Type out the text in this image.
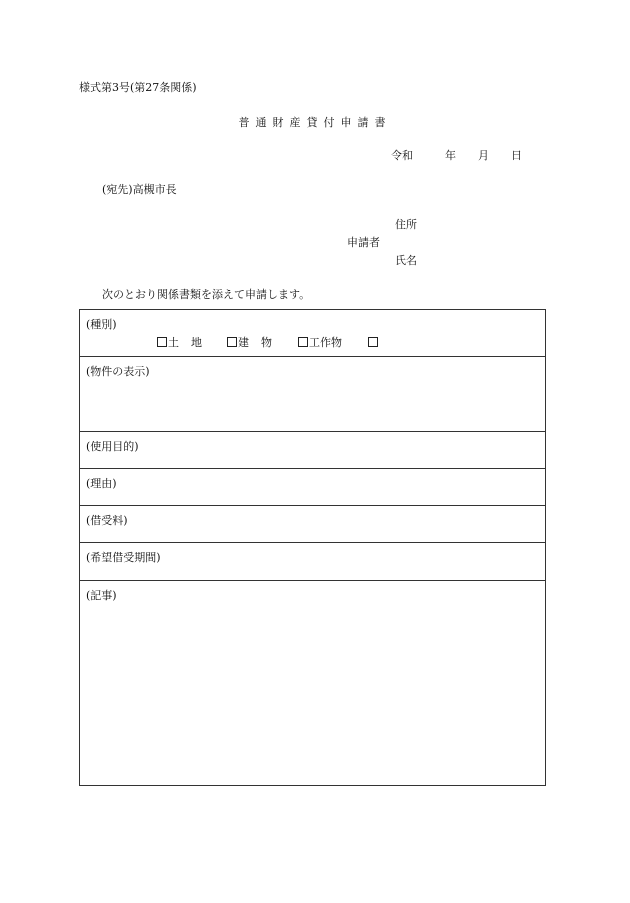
様式第3号(第27条関係)
普通財産貸付申請書
令和	年 月 日
(宛先)高槻市長
住所
申請者
氏名
次のとおり関係書類を添えて申請します。
(種別)
土地	建物	工作物
(物件の表示)
(使用目的)
(理由)
(借受料)
(希望借受期間)
(記事)
